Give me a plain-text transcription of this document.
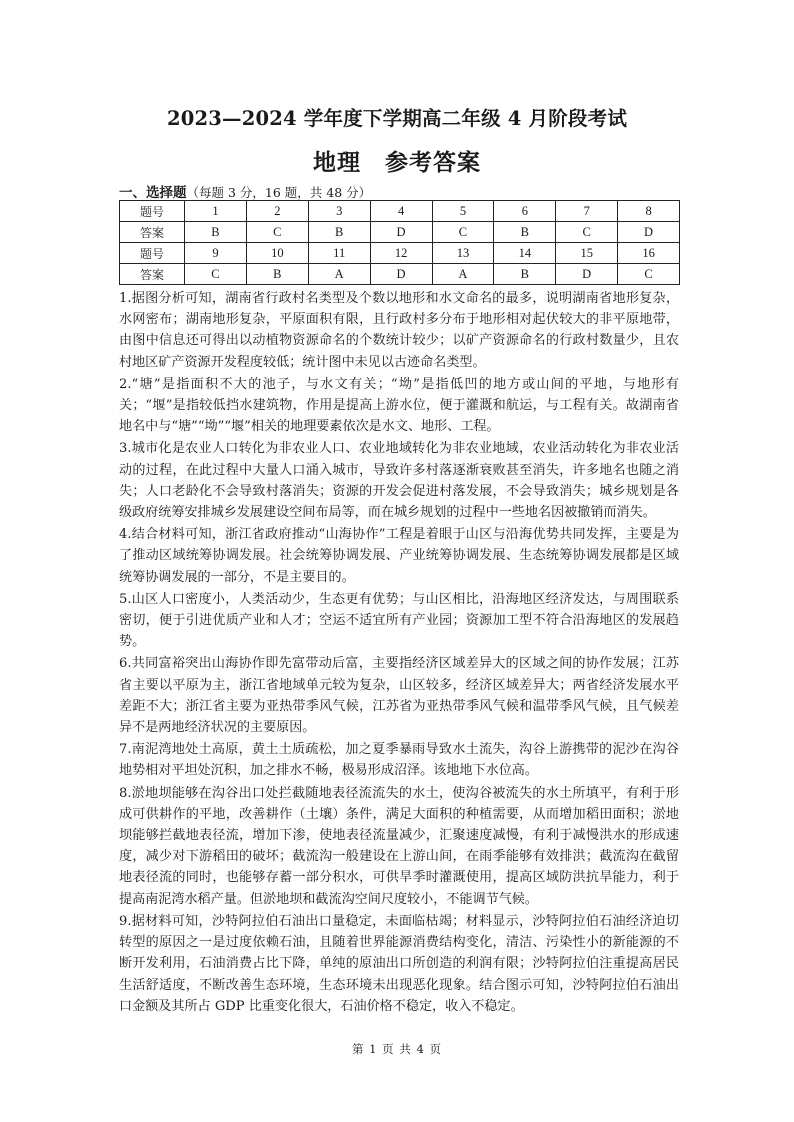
2023—2024 学年度下学期高二年级 4 月阶段考试
地理　参考答案
一、选择题（每题 3 分，16 题，共 48 分）
题号	1	2	3	4	5	6	7	8
答案	B	C	B	D	C	B	C	D
题号	9	10	11	12	13	14	15	16
答案	C	B	A	D	A	B	D	C

1.据图分析可知，湖南省行政村名类型及个数以地形和水文命名的最多，说明湖南省地形复杂，水网密布；湖南地形复杂，平原面积有限，且行政村多分布于地形相对起伏较大的非平原地带，由图中信息还可得出以动植物资源命名的个数统计较少；以矿产资源命名的行政村数量少，且农村地区矿产资源开发程度较低；统计图中未见以古迹命名类型。

2.“塘”是指面积不大的池子，与水文有关；“坳”是指低凹的地方或山间的平地，与地形有关；“堰”是指较低挡水建筑物，作用是提高上游水位，便于灌溉和航运，与工程有关。故湖南省地名中与“塘”“坳”“堰”相关的地理要素依次是水文、地形、工程。

3.城市化是农业人口转化为非农业人口、农业地域转化为非农业地域，农业活动转化为非农业活动的过程，在此过程中大量人口涌入城市，导致许多村落逐渐衰败甚至消失，许多地名也随之消失；人口老龄化不会导致村落消失；资源的开发会促进村落发展，不会导致消失；城乡规划是各级政府统筹安排城乡发展建设空间布局等，而在城乡规划的过程中一些地名因被撤销而消失。

4.结合材料可知，浙江省政府推动“山海协作”工程是着眼于山区与沿海优势共同发挥，主要是为了推动区域统筹协调发展。社会统筹协调发展、产业统筹协调发展、生态统筹协调发展都是区域统筹协调发展的一部分，不是主要目的。

5.山区人口密度小，人类活动少，生态更有优势；与山区相比，沿海地区经济发达，与周围联系密切，便于引进优质产业和人才；空运不适宜所有产业园；资源加工型不符合沿海地区的发展趋势。

6.共同富裕突出山海协作即先富带动后富，主要指经济区域差异大的区域之间的协作发展；江苏省主要以平原为主，浙江省地域单元较为复杂，山区较多，经济区域差异大；两省经济发展水平差距不大；浙江省主要为亚热带季风气候，江苏省为亚热带季风气候和温带季风气候，且气候差异不是两地经济状况的主要原因。

7.南泥湾地处土高原，黄土土质疏松，加之夏季暴雨导致水土流失，沟谷上游携带的泥沙在沟谷地势相对平坦处沉积，加之排水不畅，极易形成沼泽。该地地下水位高。

8.淤地坝能够在沟谷出口处拦截随地表径流流失的水土，使沟谷被流失的水土所填平，有利于形成可供耕作的平地，改善耕作（土壤）条件，满足大面积的种植需要，从而增加稻田面积；淤地坝能够拦截地表径流，增加下渗，使地表径流量减少，汇聚速度减慢，有利于减慢洪水的形成速度，减少对下游稻田的破坏；截流沟一般建设在上游山间，在雨季能够有效排洪；截流沟在截留地表径流的同时，也能够存蓄一部分积水，可供旱季时灌溉使用，提高区域防洪抗旱能力，利于提高南泥湾水稻产量。但淤地坝和截流沟空间尺度较小，不能调节气候。

9.据材料可知，沙特阿拉伯石油出口量稳定，未面临枯竭；材料显示，沙特阿拉伯石油经济迫切转型的原因之一是过度依赖石油，且随着世界能源消费结构变化，清洁、污染性小的新能源的不断开发利用，石油消费占比下降，单纯的原油出口所创造的利润有限；沙特阿拉伯注重提高居民生活舒适度，不断改善生态环境，生态环境未出现恶化现象。结合图示可知，沙特阿拉伯石油出口金额及其所占 GDP 比重变化很大，石油价格不稳定，收入不稳定。

第 1 页 共 4 页
